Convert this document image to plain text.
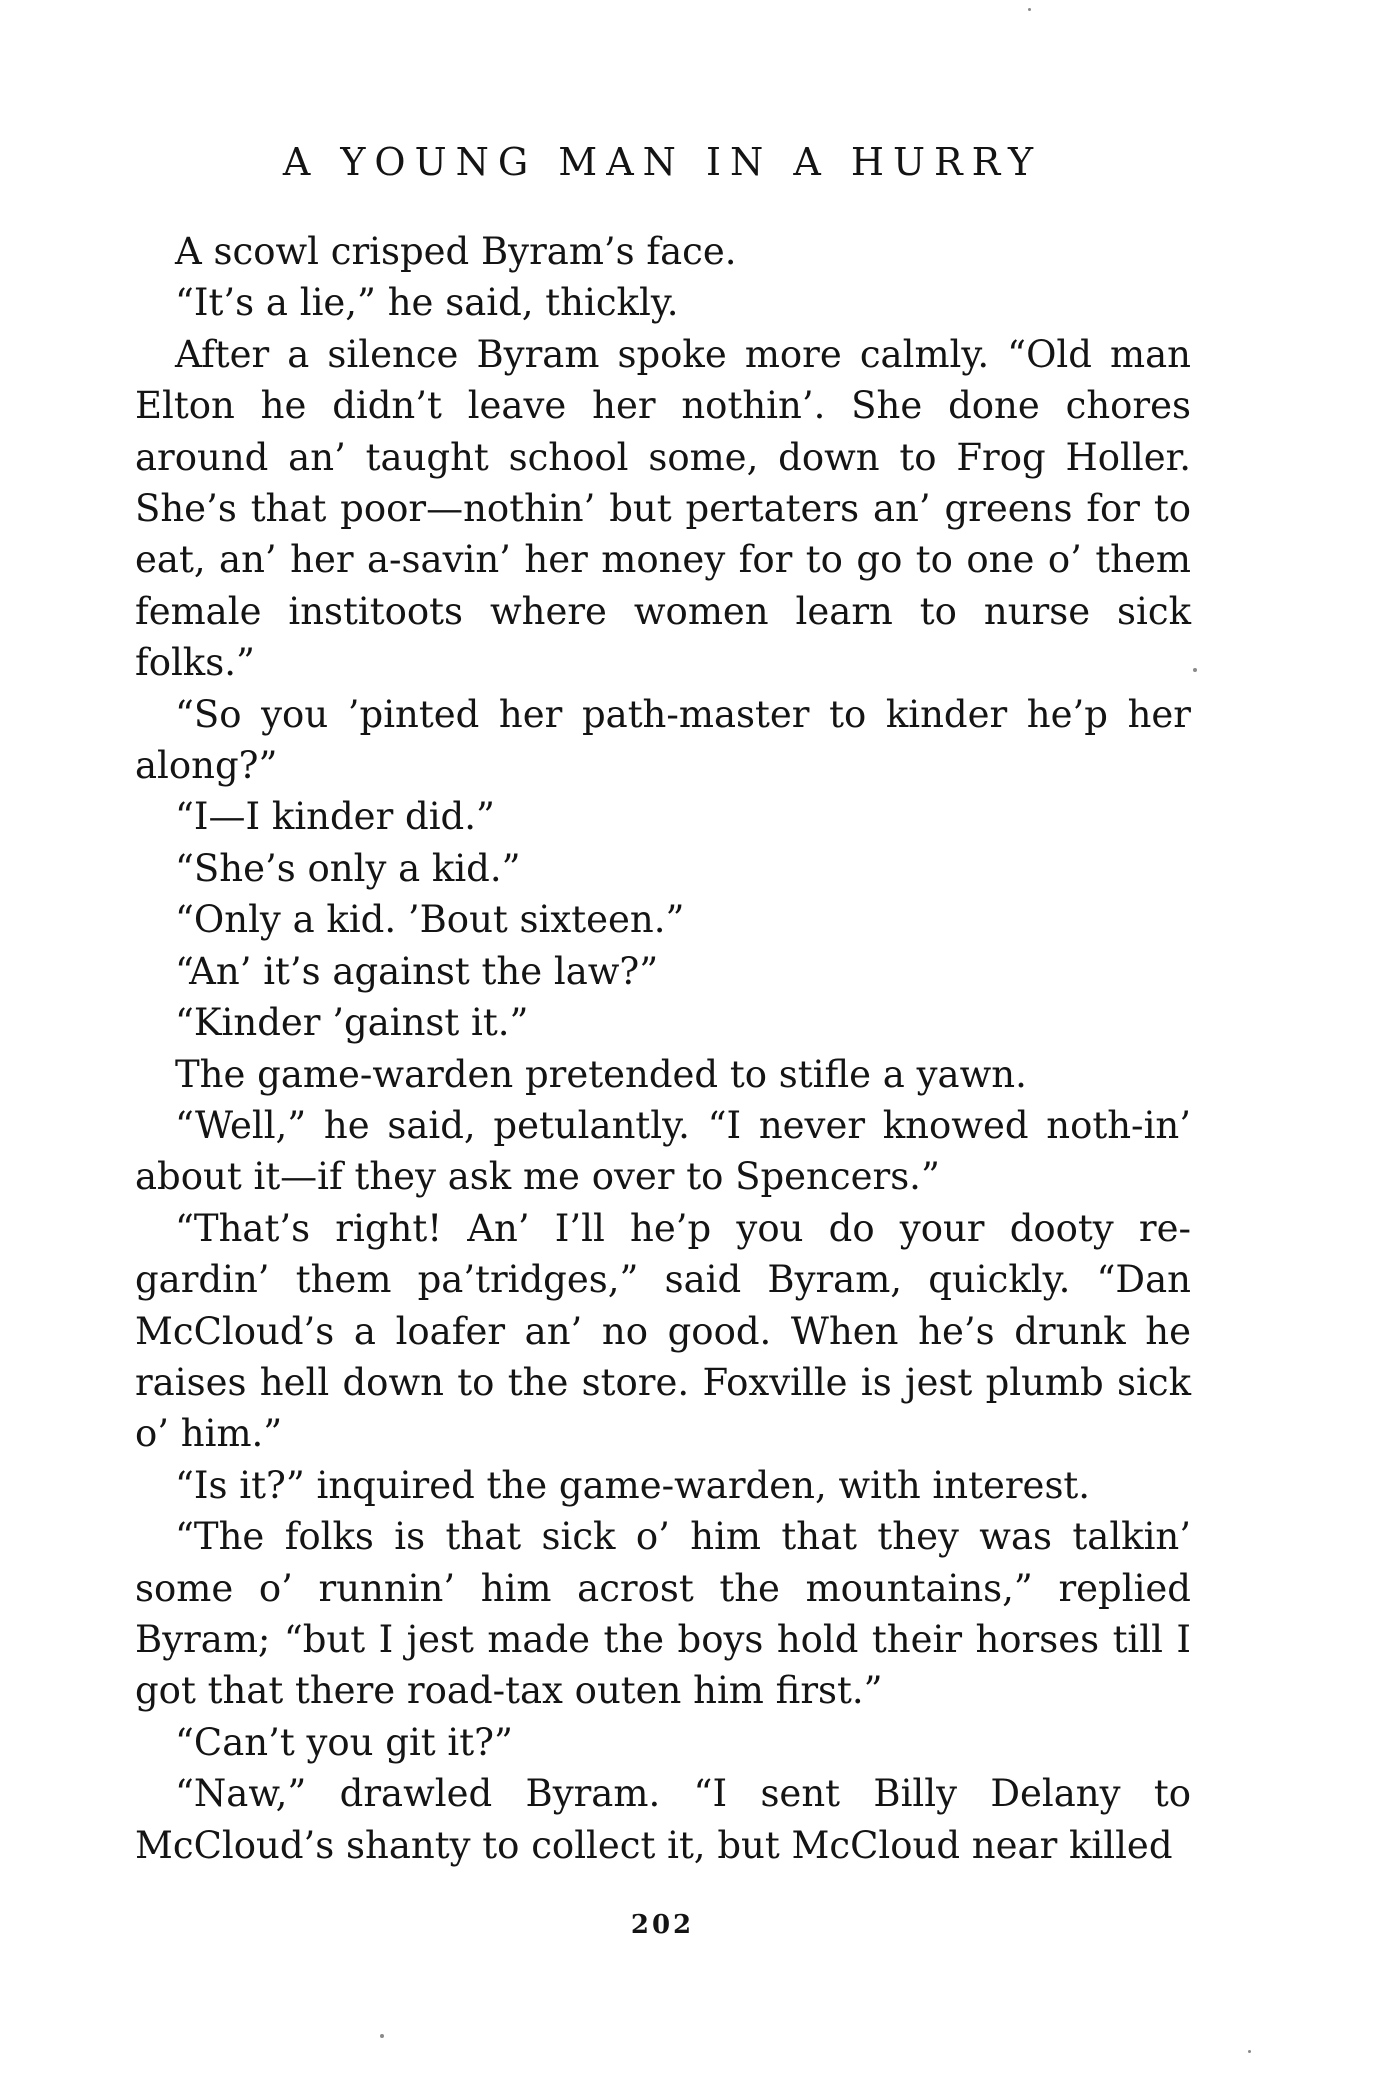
A YOUNG MAN IN A HURRY

A scowl crisped Byram’s face.

“It’s a lie,” he said, thickly.

After a silence Byram spoke more calmly. “Old man Elton he didn’t leave her nothin’. She done chores around an’ taught school some, down to Frog Holler. She’s that poor—nothin’ but pertaters an’ greens for to eat, an’ her a-savin’ her money for to go to one o’ them female institoots where women learn to nurse sick folks.”

“So you ’pinted her path-master to kinder he’p her along?”

“I—I kinder did.”

“She’s only a kid.”

“Only a kid. ’Bout sixteen.”

“An’ it’s against the law?”

“Kinder ’gainst it.”

The game-warden pretended to stifle a yawn.

“Well,” he said, petulantly. “I never knowed noth-in’ about it—if they ask me over to Spencers.”

“That’s right! An’ I’ll he’p you do your dooty re-gardin’ them pa’tridges,” said Byram, quickly. “Dan McCloud’s a loafer an’ no good. When he’s drunk he raises hell down to the store. Foxville is jest plumb sick o’ him.”

“Is it?” inquired the game-warden, with interest.

“The folks is that sick o’ him that they was talkin’ some o’ runnin’ him acrost the mountains,” replied Byram; “but I jest made the boys hold their horses till I got that there road-tax outen him first.”

“Can’t you git it?”

“Naw,” drawled Byram. “I sent Billy Delany to McCloud’s shanty to collect it, but McCloud near killed

202
